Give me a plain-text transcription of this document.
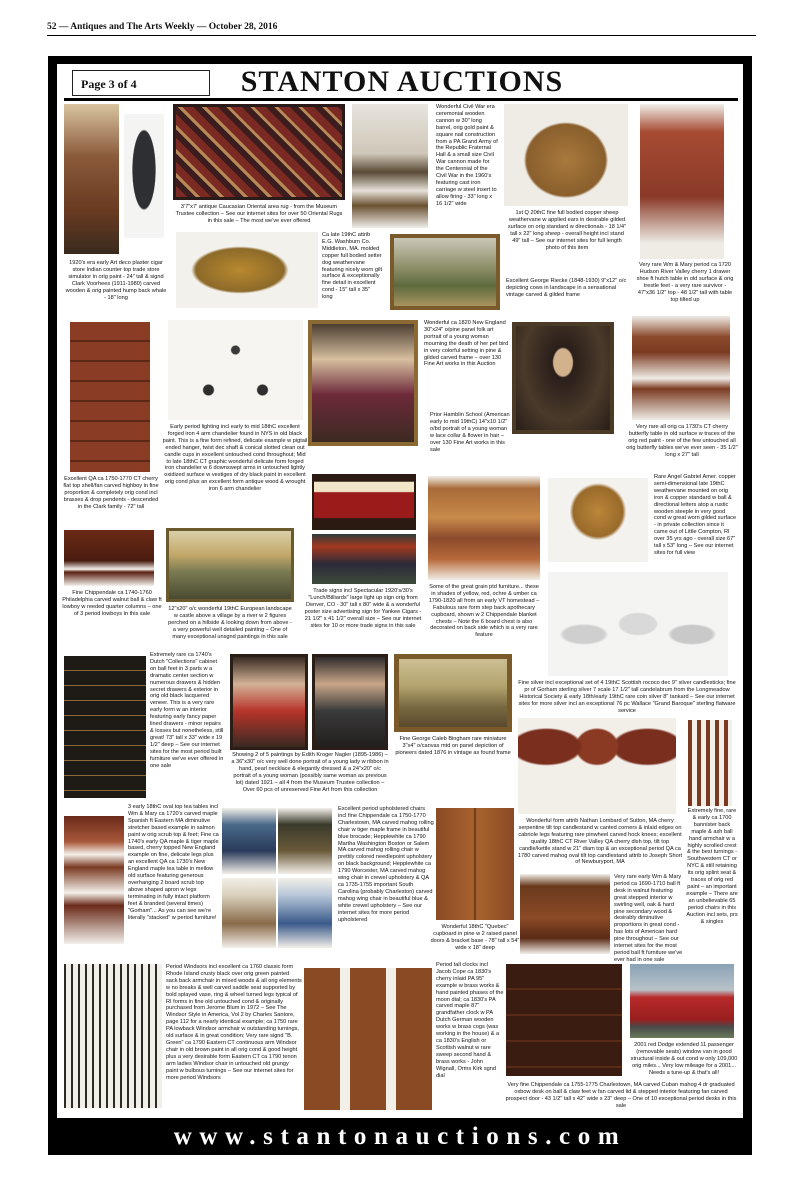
52 — Antiques and The Arts Weekly — October 28, 2016
Page 3 of 4	STANTON AUCTIONS
1920's era early Art deco plaster cigar store Indian counter top trade store simulator in orig paint - 24" tall & signd Clark Voorhees (1911-1980) carved wooden & orig painted hump back whale - 18" long
3'7"x7' antique Caucasian Oriental area rug - from the Museum Trustee collection – See our internet sites for over 50 Oriental Rugs in this sale – The most we've ever offered
Wonderful Civil War era ceremonial wooden cannon w 30" long barrel, orig gold paint & square nail construction from a PA Grand Army of the Republic Fraternal Hall & a small size Civil War cannon made for the Centennial of the Civil War in the 1960's featuring cast iron carriage w steel insert to allow firing - 33" long x 16 1/2" wide
1st Q 20thC fine full bodied copper sheep weathervane w applied ears in desirable gilded surface on orig standard w directionals - 18 1/4" tall x 22" long sheep - overall height incl stand 49" tall – See our internet sites for full length photo of this item
Very rare Wm & Mary period ca 1720 Hudson River Valley cherry 1 drawer shoe ft hutch table in old surface & orig trestle feet - a very rare survivor - 47"x36 1/2" top - 48 1/2" tall with table top tilted up
Ca late 19thC attrib E.G. Washburn Co. Middleton, MA. molded copper full bodied setter dog weathervane featuring nicely worn gilt surface & exceptionally fine detail in excellent cond - 15" tall x 35" long
Excellent George Riecke (1848-1930) 9"x12" o/c depicting cows in landscape in a sensational vintage carved & gilded frame
Wonderful ca 1820 New England 30"x24" o/pine panel folk art portrait of a young woman mourning the death of her pet bird in very colorful setting in pine & gilded carved frame – over 130 Fine Art works in this Auction
Prior Hamblin School (American early to mid 19thC) 14"x10 1/2" o/bd portrait of a young woman w lace collar & flower in hair – over 130 Fine Art works in this sale
Very rare all orig ca 1730's CT cherry butterfly table in old surface w traces of the orig red paint - one of the few untouched all orig butterfly tables we've ever seen - 35 1/2" long x 27" tall
Excellent QA ca 1750-1770 CT cherry flat top shell/fan carved highboy in fine proportion & completely orig cond incl brasses & drop pendents - descended in the Clark family - 72" tall
Early period lighting incl early to mid 18thC excellent forged iron 4 arm chandelier found in NYS in old black paint. This is a fine form refined, delicate example w pigtail ended hanger, twist dec shaft & conical slotted clean out candle cups in excellent untouched cond throughout; Mid to late 18thC CT graphic wonderful delicate form forged iron chandelier w 6 downswept arms in untouched lightly oxidized surface w vestiges of dry black paint in excellent orig cond plus an excellent form antique wood & wrought iron 6 arm chandelier
Rare Angel Gabriel Amer. copper semi-dimensional late 19thC weathervane mounted on orig iron & copper standard w ball & directional letters atop a rustic wooden steeple in very good cond w great worn gilded surface - in private collection since it came out of Little Compton, RI over 35 yrs ago - overall size 67" tall x 53" long – See our internet sites for full view
Fine Chippendale ca 1740-1760 Philadelphia carved walnut ball & claw ft lowboy w reeded quarter columns – one of 3 period lowboys in this sale
12"x20" o/c wonderful 19thC European landscape w castle above a village by a river w 2 figures perched on a hillside & looking down from above - a very powerful well detailed painting – One of many exceptional unsgnd paintings in this sale
Trade signs incl Spectacular 1920's/30's "Lunch/Billiards" large light up sign orig from Denver, CO - 30" tall x 80" wide & a wonderful poster size advertising sign for Yankee Cigars - 21 1/2" x 41 1/2" overall size – See our internet sites for 10 or more trade signs in this sale
Some of the great grain ptd furniture... these in shades of yellow, red, ochre & umber ca 1790-1820 all from an early VT homestead – Fabulous rare form step back apothecary cupboard, shown w 2 Chippendale blanket chests – Note the 6 board chest is also decorated on back side which is a very rare feature
Fine silver incl exceptional set of 4 19thC Scottish rococo dec 9" silver candlesticks; fine pr of Gorham sterling silver 7 scale 17 1/2" tall candelabrum from the Longmeadow Historical Society & early 18th/early 19thC rare coin silver 8" tankard – See our internet sites for more silver incl an exceptional 76 pc Wallace "Grand Baroque" sterling flatware service
Extremely rare ca 1740's Dutch "Collections" cabinet on ball feet in 3 parts w a dramatic center section w numerous drawers & hidden secret drawers & exterior in orig old black lacquered veneer. This is a very rare early form w an interior featuring early fancy paper lined drawers - minor repairs & losses but nonetheless, still great! 73" tall x 33" wide x 19 1/2" deep – See our internet sites for the most period built furniture we've ever offered in one sale
Showing 2 of 5 paintings by Edith Kroger Nagler (1895-1986) – a 36"x30" o/c very well done portrait of a young lady w ribbon in hand, pearl necklace & elegantly dressed & a 24"x20" o/c portrait of a young woman (possibly same woman as previous lot) dated 1921 – all 4 from the Museum Trustee collection – Over 60 pcs of unreserved Fine Art from this collection
Fine George Caleb Bingham rare miniature 3"x4" o/canvas mtd on panel depiction of pioneers dated 1876 in vintage as found frame
3 early 18thC oval top tea tables incl Wm & Mary ca 1720's carved maple Spanish ft Eastern MA diminutive stretcher based example in salmon paint w orig scrub top & feet; Fine ca 1740's early QA maple & tiger maple based, cherry topped New England example on fine, delicate legs plus an excellent QA ca 1730's New England maple tea table in mellow old surface featuring generous overhanging 2 board scrub top above shaped apron w legs terminating in fully intact platform feet & branded (several times) "Gorham"... As you can see we're literally "stacked" w period furniture!
Excellent period upholstered chairs incl fine Chippendale ca 1750-1770 Charlestown, MA carved mahog rolling chair w tiger maple frame in beautiful blue brocade; Hepplewhite ca 1790 Martha Washington Boston or Salem MA carved mahog rolling chair w prettily colored needlepoint upholstery on black background; Hepplewhite ca 1790 Worcester, MA carved mahog wing chair in crewel upholstery & QA ca 1735-1755 important South Carolina (probably Charleston) carved mahog wing chair in beautiful blue & white crewel upholstery – See our internet sites for more period upholstered
Wonderful 18thC "Quebec" cupboard in pine w 2 raised panel doors & bracket base - 78" tall x 54" wide x 18" deep
Wonderful form attrib Nathan Lombard of Sutton, MA cherry serpentine tilt top candlestand w canted corners & inlaid edges on cabriole legs featuring rare pinwheel carved hock knees; excellent quality 18thC CT River Valley QA cherry dish top, tilt top candle/kettle stand w 21" diam top & an exceptional period QA ca 1780 carved mahog oval tilt top candlestand attrib to Joseph Short of Newburyport, MA
Extremely fine, rare & early ca 1700 bannister back maple & ash ball hand armchair w a highly scrolled crest & the best turnings - Southwestern CT or NYC & still retaining its orig splint seat & traces of orig red paint – an important example – There are an unbelievable 65 period chairs in this Auction incl sets, prs & singles
Very rare early Wm & Mary period ca 1690-1710 ball ft desk in walnut featuring great stepped interior w swirling well, oak & hard pine secondary wood & desirably diminutive proportions in great cond - has lots of American hard pine throughout – See our internet sites for the most period ball ft furniture we've ever had in one sale
Period Windsors incl excellent ca 1760 classic form Rhode Island crusty black over orig green painted sack back armchair in mixed woods & all orig elements w no breaks & well carved saddle seat supported by bold splayed vase, ring & wheel turned legs typical of RI forms in fine old untouched cond & originally purchased from Jerome Blum in 1972 – See The Windsor Style in America, Vol 2 by Charles Santore, page 112 for a nearly identical example; ca 1750 rare PA lowback Windsor armchair w outstanding turnings, old surface & in great condition; Very rare signd "B. Green" ca 1790 Eastern CT continuous arm Windsor chair in old brown paint in all orig cond & good height plus a very desirable form Eastern CT ca 1790 tenon arm ladies Windsor chair in untouched old grungy paint w bulbous turnings – See our internet sites for more period Windsors
Period tall clocks incl Jacob Cope ca 1830's cherry inlaid PA 95" example w brass works & hand painted phases of the moon dial; ca 1830's PA carved maple 87" grandfather clock w PA Dutch German wooden works w brass cogs (was working in the house) & a ca 1830's English or Scottish walnut w rare sweep second hand & brass works - John Wignall, Orms Kirk sgnd dial
2001 red Dodge extended 11 passenger (removable seats) window van in good structural inside & out cond w only 109,000 orig miles... Very low mileage for a 2001... Needs a tune-up & that's all!
Very fine Chippendale ca 1755-1775 Charlestown, MA carved Cuban mahog 4 dr graduated oxbow desk on ball & claw feet w fan carved lid & stepped interior featuring fan carved prospect door - 43 1/2" tall x 42" wide x 23" deep – One of 10 exceptional period desks in this sale
www.stantonauctions.com
